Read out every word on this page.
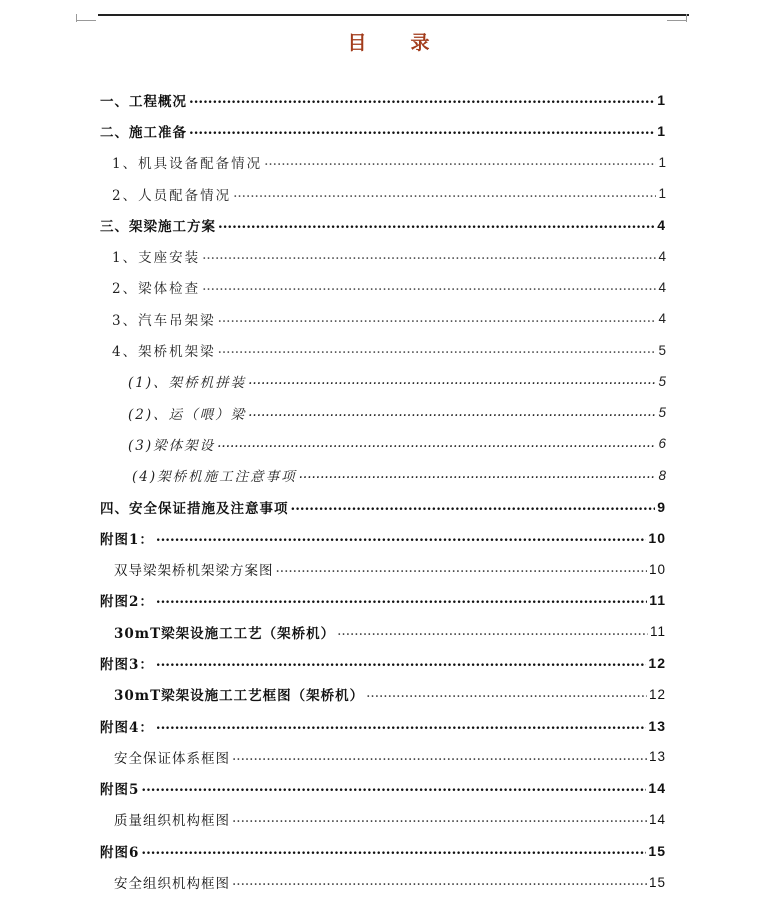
目录
一、工程概况 .....	1
二、施工准备 .....	1
1、机具设备配备情况 .....	1
2、人员配备情况 .....	1
三、架梁施工方案 .....	4
1、支座安装 .....	4
2、梁体检查 .....	4
3、汽车吊架梁 .....	4
4、架桥机架梁 .....	5
(1)、架桥机拼装 .....	5
(2)、运（喂）梁 .....	5
(3)梁体架设 .....	6
(4)架桥机施工注意事项 .....	8
四、安全保证措施及注意事项 .....	9
附图1： .....	10
双导梁架桥机架梁方案图 .....	10
附图2： .....	11
30mT梁架设施工工艺（架桥机） .....	11
附图3： .....	12
30mT梁架设施工工艺框图（架桥机） .....	12
附图4： .....	13
安全保证体系框图 .....	13
附图5 .....	14
质量组织机构框图 .....	14
附图6 .....	15
安全组织机构框图 .....	15
